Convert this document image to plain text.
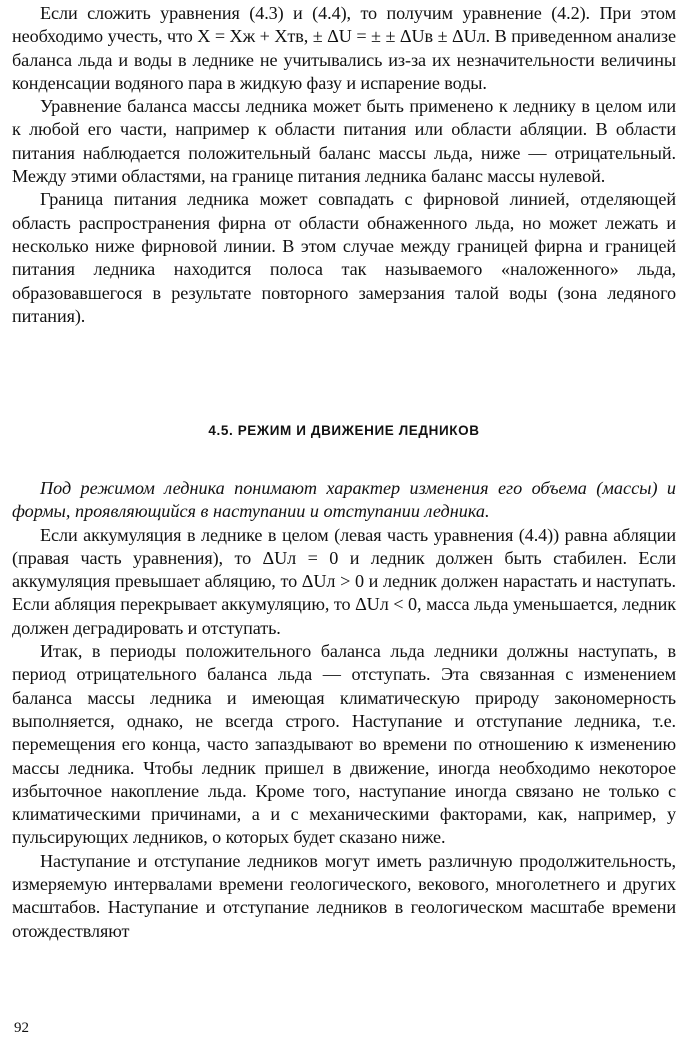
Если сложить уравнения (4.3) и (4.4), то получим уравнение (4.2). При этом необходимо учесть, что X = Xж + Xтв, ± ΔU = ± ± ΔUв ± ΔUл. В приведенном анализе баланса льда и воды в леднике не учитывались из-за их незначительности величины конденсации водяного пара в жидкую фазу и испарение воды.

Уравнение баланса массы ледника может быть применено к леднику в целом или к любой его части, например к области питания или области абляции. В области питания наблюдается положительный баланс массы льда, ниже — отрицательный. Между этими областями, на границе питания ледника баланс массы нулевой.

Граница питания ледника может совпадать с фирновой линией, отделяющей область распространения фирна от области обнаженного льда, но может лежать и несколько ниже фирновой линии. В этом случае между границей фирна и границей питания ледника находится полоса так называемого «наложенного» льда, образовавшегося в результате повторного замерзания талой воды (зона ледяного питания).

4.5. РЕЖИМ И ДВИЖЕНИЕ ЛЕДНИКОВ

Под режимом ледника понимают характер изменения его объема (массы) и формы, проявляющийся в наступании и отступании ледника.

Если аккумуляция в леднике в целом (левая часть уравнения (4.4)) равна абляции (правая часть уравнения), то ΔUл = 0 и ледник должен быть стабилен. Если аккумуляция превышает абляцию, то ΔUл > 0 и ледник должен нарастать и наступать. Если абляция перекрывает аккумуляцию, то ΔUл < 0, масса льда уменьшается, ледник должен деградировать и отступать.

Итак, в периоды положительного баланса льда ледники должны наступать, в период отрицательного баланса льда — отступать. Эта связанная с изменением баланса массы ледника и имеющая климатическую природу закономерность выполняется, однако, не всегда строго. Наступание и отступание ледника, т.е. перемещения его конца, часто запаздывают во времени по отношению к изменению массы ледника. Чтобы ледник пришел в движение, иногда необходимо некоторое избыточное накопление льда. Кроме того, наступание иногда связано не только с климатическими причинами, а и с механическими факторами, как, например, у пульсирующих ледников, о которых будет сказано ниже.

Наступание и отступание ледников могут иметь различную продолжительность, измеряемую интервалами времени геологического, векового, многолетнего и других масштабов. Наступание и отступание ледников в геологическом масштабе времени отождествляют

92
